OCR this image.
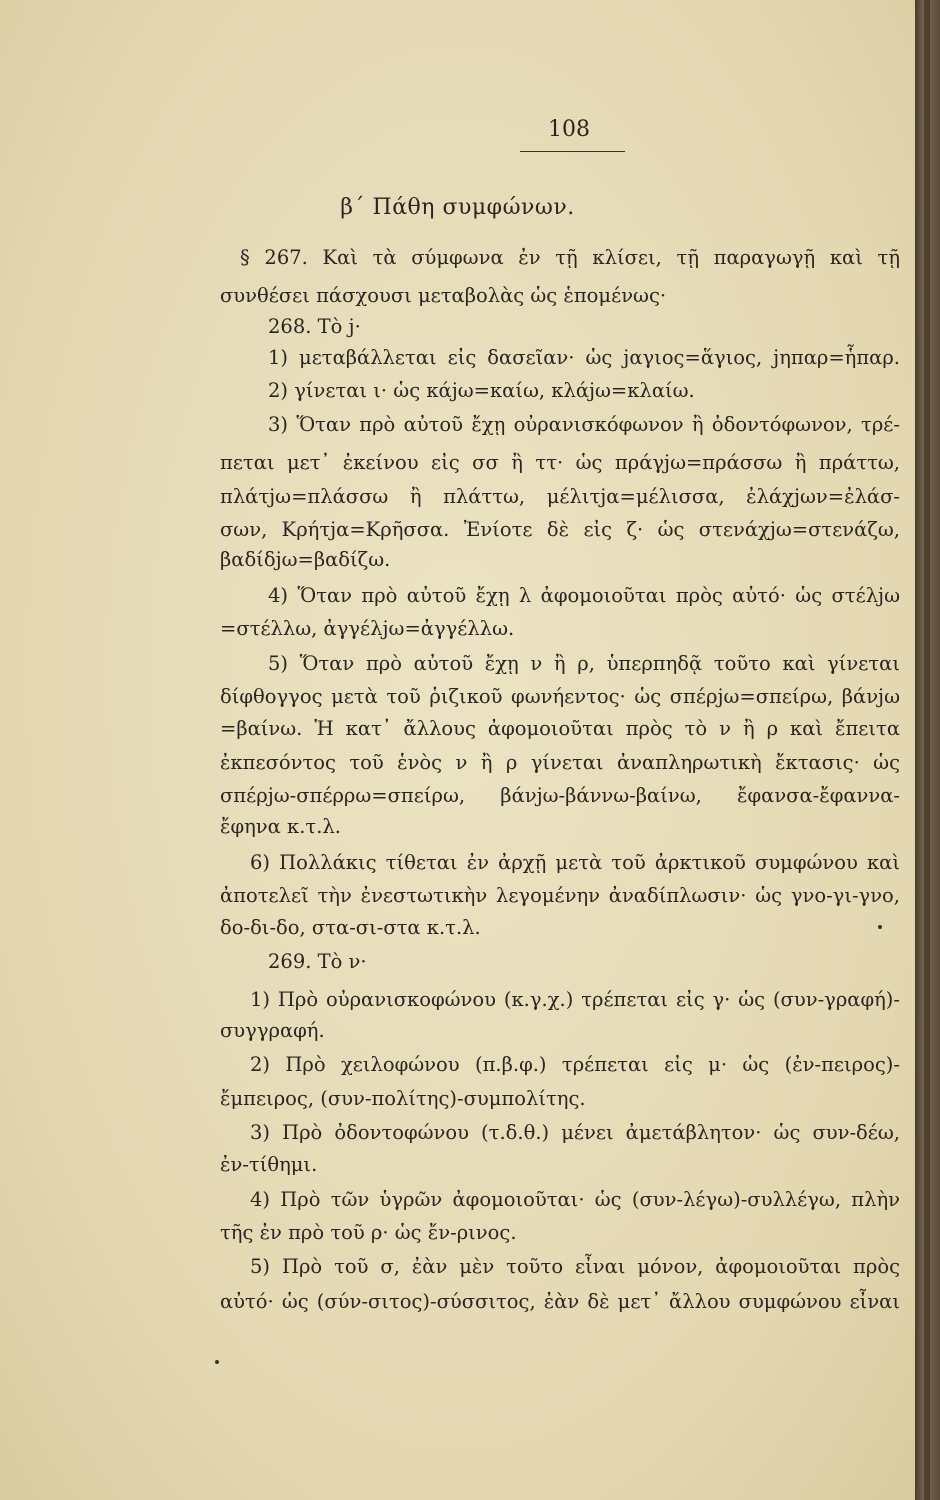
108
β΄ Πάθη συμφώνων.
§ 267. Καὶ τὰ σύμφωνα ἐν τῇ κλίσει, τῇ παραγωγῇ καὶ τῇ
συνθέσει πάσχουσι μεταβολὰς ὡς ἑπομένως·
268. Τὸ j·
1) μεταβάλλεται εἰς δασεῖαν· ὡς jαγιος=ἅγιος, jηπαρ=ἧπαρ.
2) γίνεται ι· ὡς κάjω=καίω, κλάjω=κλαίω.
3) Ὅταν πρὸ αὐτοῦ ἔχῃ οὐρανισκόφωνον ἢ ὀδοντόφωνον, τρέ-
πεται μετ᾽ ἐκείνου εἰς σσ ἢ ττ· ὡς πράγjω=πράσσω ἢ πράττω,
πλάτjω=πλάσσω ἢ πλάττω, μέλιτjα=μέλισσα, ἐλάχjων=ἐλάσ-
σων, Κρήτjα=Κρῆσσα. Ἐνίοτε δὲ εἰς ζ· ὡς στενάχjω=στενάζω,
βαδίδjω=βαδίζω.
4) Ὅταν πρὸ αὐτοῦ ἔχῃ λ ἀφομοιοῦται πρὸς αὐτό· ὡς στέλjω
=στέλλω, ἀγγέλjω=ἀγγέλλω.
5) Ὅταν πρὸ αὐτοῦ ἔχῃ ν ἢ ρ, ὑπερπηδᾷ τοῦτο καὶ γίνεται
δίφθογγος μετὰ τοῦ ῥιζικοῦ φωνήεντος· ὡς σπέρjω=σπείρω, βάνjω
=βαίνω. Ἡ κατ᾽ ἄλλους ἀφομοιοῦται πρὸς τὸ ν ἢ ρ καὶ ἔπειτα
ἐκπεσόντος τοῦ ἑνὸς ν ἢ ρ γίνεται ἀναπληρωτικὴ ἔκτασις· ὡς
σπέρjω-σπέρρω=σπείρω, βάνjω-βάννω-βαίνω, ἔφανσα-ἔφαννα-
ἔφηνα κ.τ.λ.
6) Πολλάκις τίθεται ἐν ἀρχῇ μετὰ τοῦ ἀρκτικοῦ συμφώνου καὶ
ἀποτελεῖ τὴν ἐνεστωτικὴν λεγομένην ἀναδίπλωσιν· ὡς γνο-γι-γνο,
δο-δι-δο, στα-σι-στα κ.τ.λ.
269. Τὸ ν·
1) Πρὸ οὐρανισκοφώνου (κ.γ.χ.) τρέπεται εἰς γ· ὡς (συν-γραφή)-
συγγραφή.
2) Πρὸ χειλοφώνου (π.β.φ.) τρέπεται εἰς μ· ὡς (ἐν-πειρος)-
ἔμπειρος, (συν-πολίτης)-συμπολίτης.
3) Πρὸ ὀδοντοφώνου (τ.δ.θ.) μένει ἀμετάβλητον· ὡς συν-δέω,
ἐν-τίθημι.
4) Πρὸ τῶν ὑγρῶν ἀφομοιοῦται· ὡς (συν-λέγω)-συλλέγω, πλὴν
τῆς ἐν πρὸ τοῦ ρ· ὡς ἔν-ρινος.
5) Πρὸ τοῦ σ, ἐὰν μὲν τοῦτο εἶναι μόνον, ἀφομοιοῦται πρὸς
αὐτό· ὡς (σύν-σιτος)-σύσσιτος, ἐὰν δὲ μετ᾽ ἄλλου συμφώνου εἶναι
